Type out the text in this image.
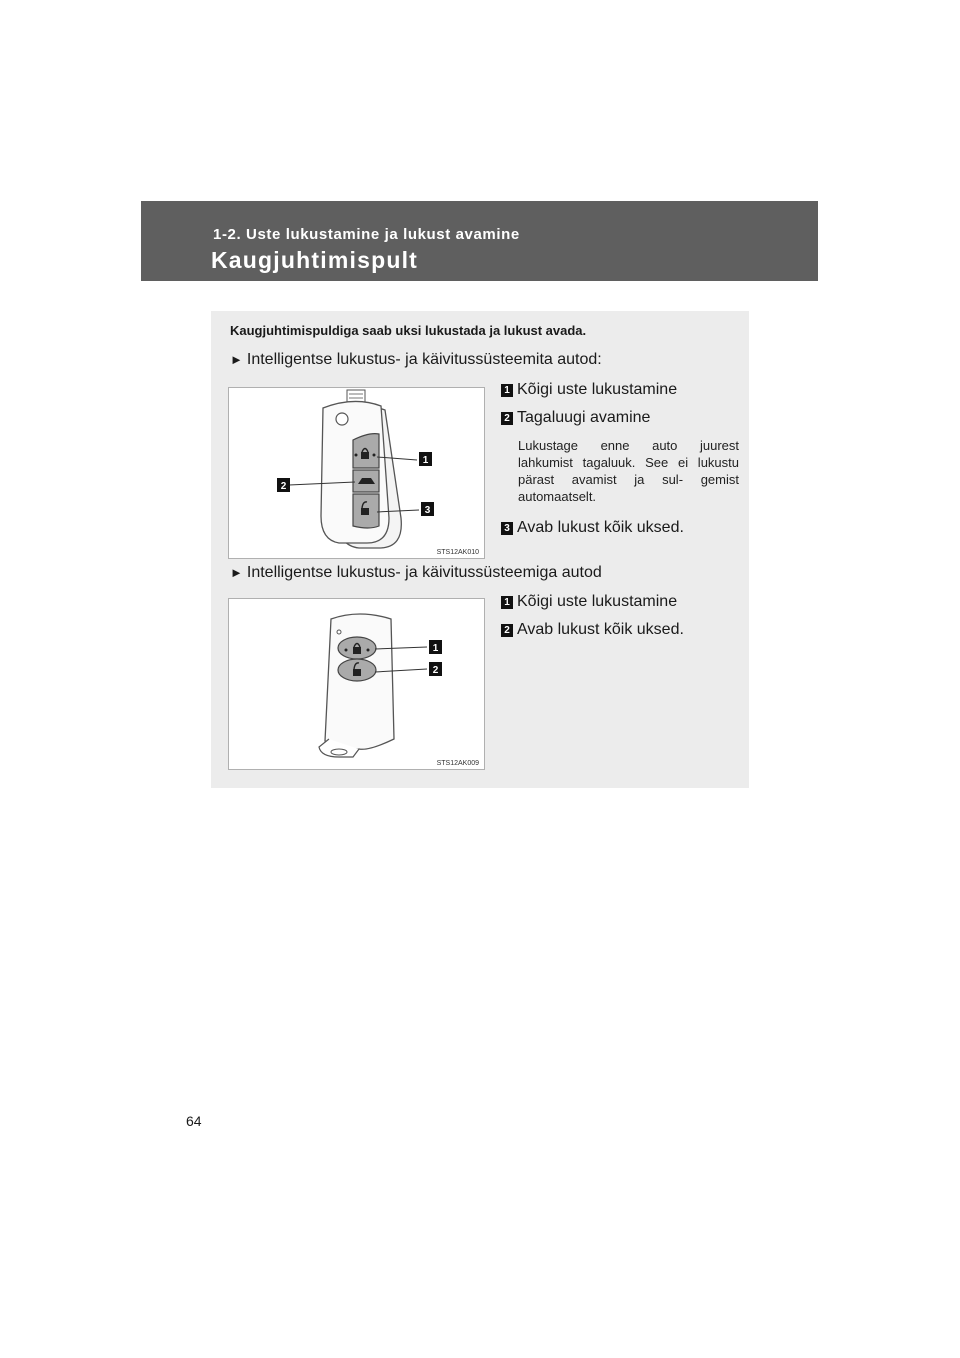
1-2. Uste lukustamine ja lukust avamine
Kaugjuhtimispult
Kaugjuhtimispuldiga saab uksi lukustada ja lukust avada.
► Intelligentse lukustus- ja käivitussüsteemita autod:
1
2
3
STS12AK010
1 Kõigi uste lukustamine
2 Tagaluugi avamine
Lukustage enne auto juurest lahkumist tagaluuk. See ei lukustu pärast avamist ja sul- gemist automaatselt.
3 Avab lukust kõik uksed.
► Intelligentse lukustus- ja käivitussüsteemiga autod
1
2
STS12AK009
1 Kõigi uste lukustamine
2 Avab lukust kõik uksed.
64
